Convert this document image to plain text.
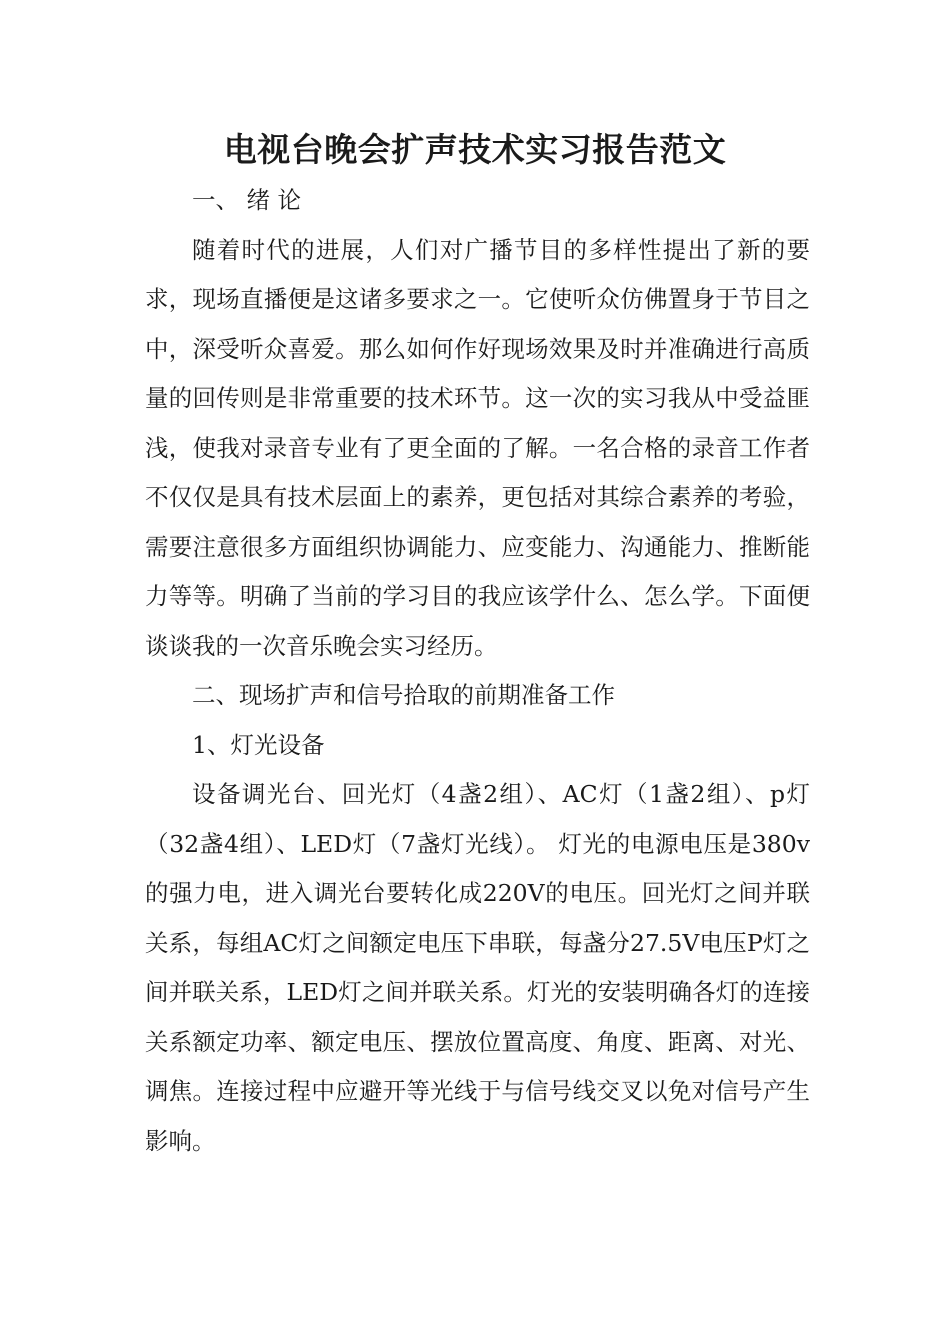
电视台晚会扩声技术实习报告范文

一、 绪 论

随着时代的进展，人们对广播节目的多样性提出了新的要求，现场直播便是这诸多要求之一。它使听众仿佛置身于节目之中，深受听众喜爱。那么如何作好现场效果及时并准确进行高质量的回传则是非常重要的技术环节。这一次的实习我从中受益匪浅，使我对录音专业有了更全面的了解。一名合格的录音工作者不仅仅是具有技术层面上的素养，更包括对其综合素养的考验，需要注意很多方面组织协调能力、应变能力、沟通能力、推断能力等等。明确了当前的学习目的我应该学什么、怎么学。下面便谈谈我的一次音乐晚会实习经历。

二、现场扩声和信号拾取的前期准备工作

1、灯光设备

设备调光台、回光灯（4盏2组）、AC灯（1盏2组）、p灯（32盏4组）、LED灯（7盏灯光线）。 灯光的电源电压是380v的强力电，进入调光台要转化成220V的电压。回光灯之间并联关系，每组AC灯之间额定电压下串联，每盏分27.5V电压P灯之间并联关系，LED灯之间并联关系。灯光的安装明确各灯的连接关系额定功率、额定电压、摆放位置高度、角度、距离、对光、调焦。连接过程中应避开等光线于与信号线交叉以免对信号产生影响。
